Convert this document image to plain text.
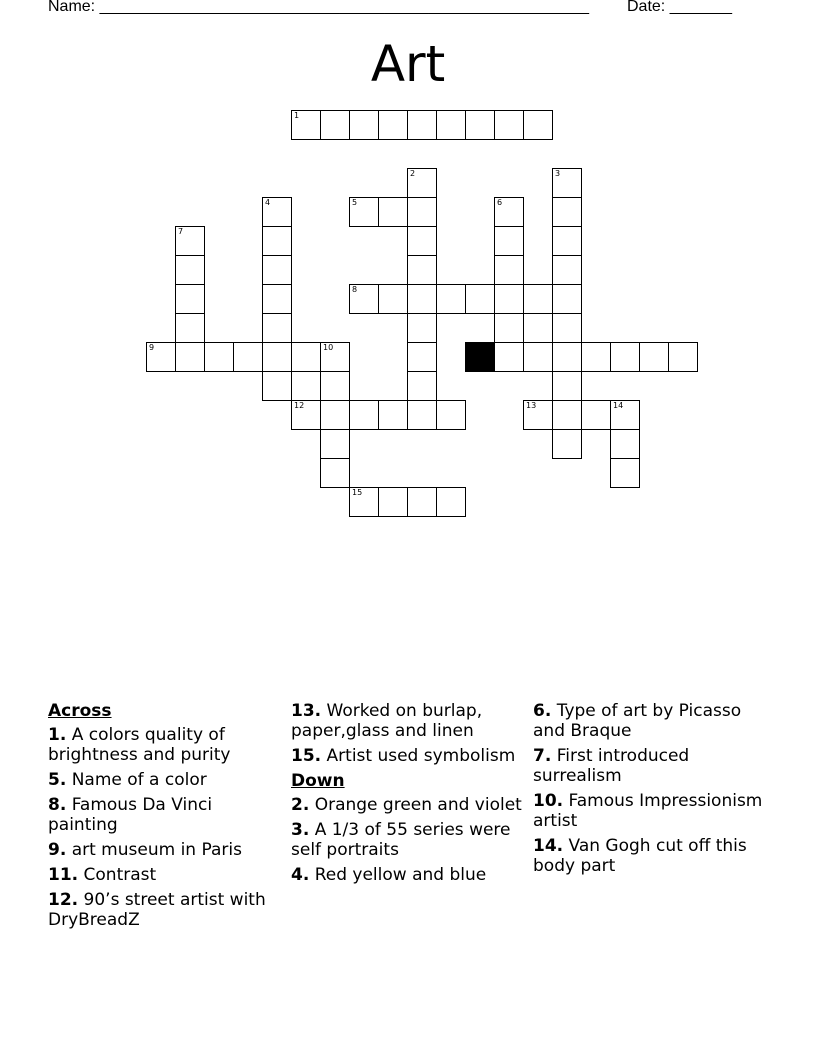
Name: _______________________________________________________ Date: _______
Art
1
5
8
9	11
12	13	14
15
2	3
4	6
7
10
Across
1. A colors quality of brightness and purity
5. Name of a color
8. Famous Da Vinci painting
9. art museum in Paris
11. Contrast
12. 90’s street artist with DryBreadZ
13. Worked on burlap, paper,glass and linen
15. Artist used symbolism
Down
2. Orange green and violet
3. A 1/3 of 55 series were self portraits
4. Red yellow and blue
6. Type of art by Picasso and Braque
7. First introduced surrealism
10. Famous Impressionism artist
14. Van Gogh cut off this body part
